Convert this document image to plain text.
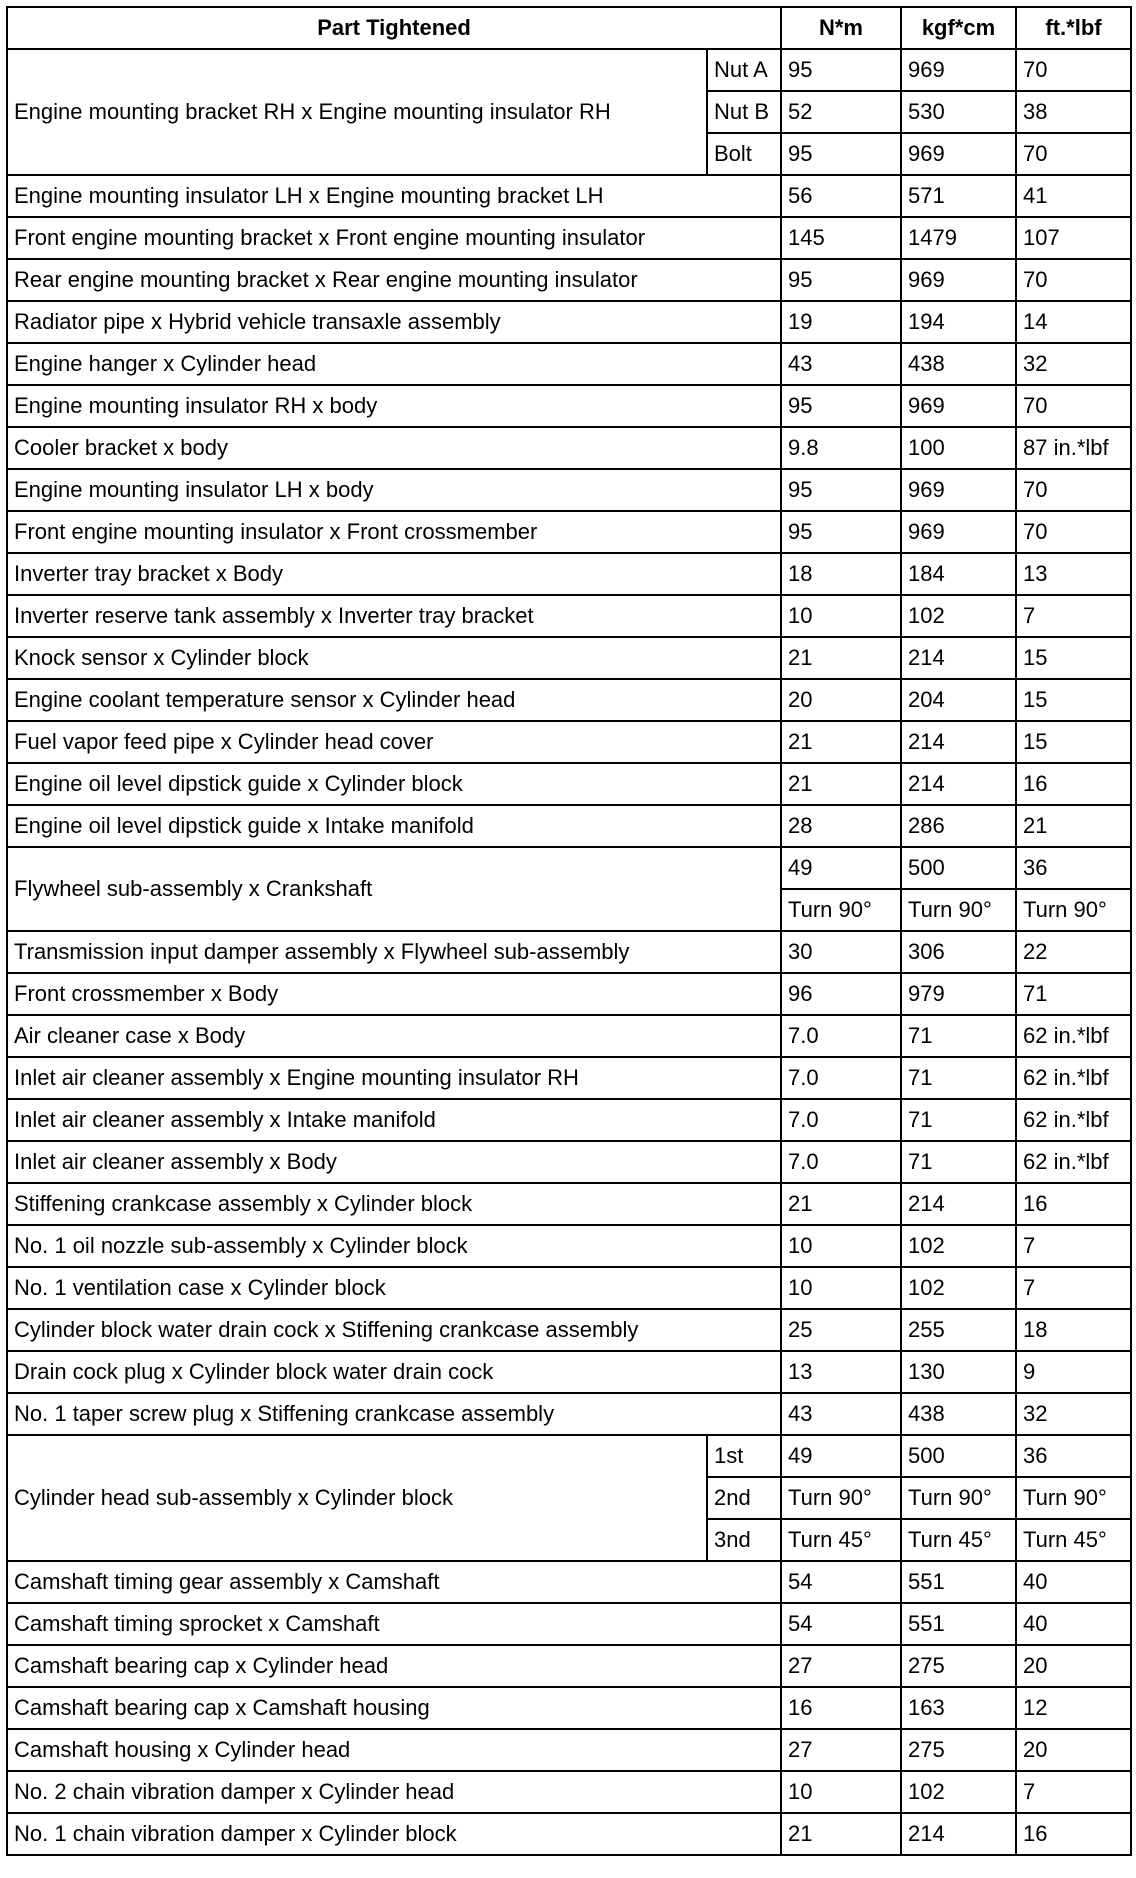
Part Tightened		N*m	kgf*cm	ft.*lbf
Engine mounting bracket RH x Engine mounting insulator RH	Nut A	95	969	70
	Nut B	52	530	38
	Bolt	95	969	70
Engine mounting insulator LH x Engine mounting bracket LH		56	571	41
Front engine mounting bracket x Front engine mounting insulator		145	1479	107
Rear engine mounting bracket x Rear engine mounting insulator		95	969	70
Radiator pipe x Hybrid vehicle transaxle assembly		19	194	14
Engine hanger x Cylinder head		43	438	32
Engine mounting insulator RH x body		95	969	70
Cooler bracket x body		9.8	100	87 in.*lbf
Engine mounting insulator LH x body		95	969	70
Front engine mounting insulator x Front crossmember		95	969	70
Inverter tray bracket x Body		18	184	13
Inverter reserve tank assembly x Inverter tray bracket		10	102	7
Knock sensor x Cylinder block		21	214	15
Engine coolant temperature sensor x Cylinder head		20	204	15
Fuel vapor feed pipe x Cylinder head cover		21	214	15
Engine oil level dipstick guide x Cylinder block		21	214	16
Engine oil level dipstick guide x Intake manifold		28	286	21
Flywheel sub-assembly x Crankshaft		49	500	36
		Turn 90°	Turn 90°	Turn 90°
Transmission input damper assembly x Flywheel sub-assembly		30	306	22
Front crossmember x Body		96	979	71
Air cleaner case x Body		7.0	71	62 in.*lbf
Inlet air cleaner assembly x Engine mounting insulator RH		7.0	71	62 in.*lbf
Inlet air cleaner assembly x Intake manifold		7.0	71	62 in.*lbf
Inlet air cleaner assembly x Body		7.0	71	62 in.*lbf
Stiffening crankcase assembly x Cylinder block		21	214	16
No. 1 oil nozzle sub-assembly x Cylinder block		10	102	7
No. 1 ventilation case x Cylinder block		10	102	7
Cylinder block water drain cock x Stiffening crankcase assembly		25	255	18
Drain cock plug x Cylinder block water drain cock		13	130	9
No. 1 taper screw plug x Stiffening crankcase assembly		43	438	32
Cylinder head sub-assembly x Cylinder block	1st	49	500	36
	2nd	Turn 90°	Turn 90°	Turn 90°
	3nd	Turn 45°	Turn 45°	Turn 45°
Camshaft timing gear assembly x Camshaft		54	551	40
Camshaft timing sprocket x Camshaft		54	551	40
Camshaft bearing cap x Cylinder head		27	275	20
Camshaft bearing cap x Camshaft housing		16	163	12
Camshaft housing x Cylinder head		27	275	20
No. 2 chain vibration damper x Cylinder head		10	102	7
No. 1 chain vibration damper x Cylinder block		21	214	16
